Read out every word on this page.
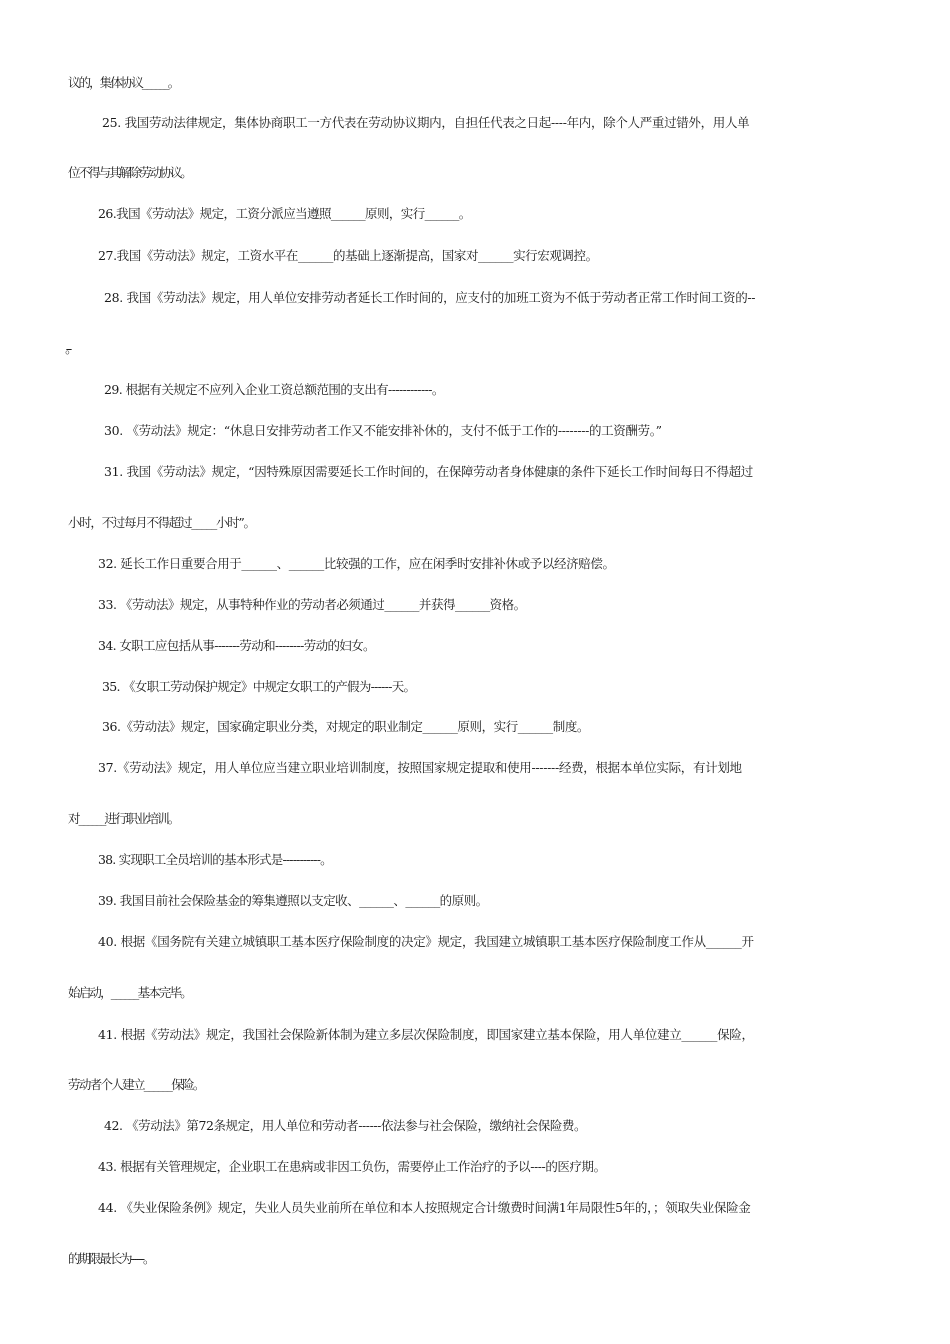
议的，集体协议______。
25. 我国劳动法律规定，集体协商职工一方代表在劳动协议期内，自担任代表之日起----年内，除个人严重过错外，用人单
位不得与其解除劳动协议。
26.我国《劳动法》规定，工资分派应当遵照______原则，实行______。
27.我国《劳动法》规定，工资水平在______的基础上逐渐提高，国家对______实行宏观调控。
28. 我国《劳动法》规定，用人单位安排劳动者延长工作时间的，应支付的加班工资为不低于劳动者正常工作时间工资的--
-----。
29. 根据有关规定不应列入企业工资总额范围的支出有------------。
30. 《劳动法》规定：“休息日安排劳动者工作又不能安排补休的，支付不低于工作的--------的工资酬劳。”
31. 我国《劳动法》规定，“因特殊原因需要延长工作时间的，在保障劳动者身体健康的条件下延长工作时间每日不得超过
小时，不过每月不得超过_____小时”。
32. 延长工作日重要合用于______、______比较强的工作，应在闲季时安排补休或予以经济赔偿。
33. 《劳动法》规定，从事特种作业的劳动者必须通过______并获得______资格。
34. 女职工应包括从事-------劳动和--------劳动的妇女。
35. 《女职工劳动保护规定》中规定女职工的产假为------天。
36.《劳动法》规定，国家确定职业分类，对规定的职业制定______原则，实行______制度。
37.《劳动法》规定，用人单位应当建立职业培训制度，按照国家规定提取和使用-------经费，根据本单位实际，有计划地
对______进行职业培训。
38. 实现职工全员培训的基本形式是-----------。
39. 我国目前社会保险基金的筹集遵照以支定收、______、______的原则。
40. 根据《国务院有关建立城镇职工基本医疗保险制度的决定》规定，我国建立城镇职工基本医疗保险制度工作从______开
始启动，______基本完毕。
41. 根据《劳动法》规定，我国社会保险新体制为建立多层次保险制度，即国家建立基本保险，用人单位建立______保险，
劳动者个人建立______保险。
42. 《劳动法》第72条规定，用人单位和劳动者------依法参与社会保险，缴纳社会保险费。
43. 根据有关管理规定，企业职工在患病或非因工负伤，需要停止工作治疗的予以----的医疗期。
44. 《失业保险条例》规定，失业人员失业前所在单位和本人按照规定合计缴费时间满1年局限性5年的，；领取失业保险金
的期限最长为------。
